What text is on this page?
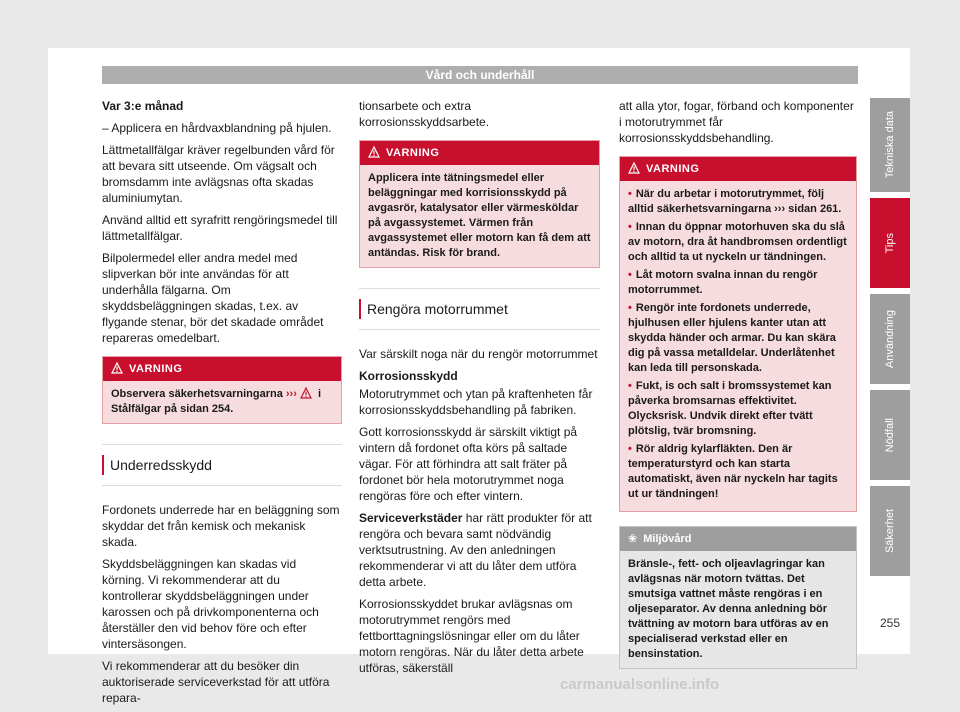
Vård och underhåll

Var 3:e månad

– Applicera en hårdvaxblandning på hjulen.

Lättmetallfälgar kräver regelbunden vård för att bevara sitt utseende. Om vägsalt och bromsdamm inte avlägsnas ofta skadas aluminiumytan.

Använd alltid ett syrafritt rengöringsmedel till lättmetallfälgar.

Bilpolermedel eller andra medel med slipverkan bör inte användas för att underhålla fälgarna. Om skyddsbeläggningen skadas, t.ex. av flygande stenar, bör det skadade området repareras omedelbart.

VARNING
Observera säkerhetsvarningarna ››› i Stålfälgar på sidan 254.
Underredsskydd

Fordonets underrede har en beläggning som skyddar det från kemisk och mekanisk skada.

Skyddsbeläggningen kan skadas vid körning. Vi rekommenderar att du kontrollerar skyddsbeläggningen under karossen och på drivkomponenterna och återställer den vid behov före och efter vintersäsongen.

Vi rekommenderar att du besöker din auktoriserade serviceverkstad för att utföra repara-

tionsarbete och extra korrosionsskyddsarbete.

VARNING
Applicera inte tätningsmedel eller beläggningar med korrisionsskydd på avgasrör, katalysator eller värmesköldar på avgassystemet. Värmen från avgassystemet eller motorn kan få dem att antändas. Risk för brand.
Rengöra motorrummet

Var särskilt noga när du rengör motorrummet

Korrosionsskydd

Motorutrymmet och ytan på kraftenheten får korrosionsskyddsbehandling på fabriken.

Gott korrosionsskydd är särskilt viktigt på vintern då fordonet ofta körs på saltade vägar. För att förhindra att salt fräter på fordonet bör hela motorutrymmet noga rengöras före och efter vintern.

Serviceverkstäder har rätt produkter för att rengöra och bevara samt nödvändig verktsutrustning. Av den anledningen rekommenderar vi att du låter dem utföra detta arbete.

Korrosionsskyddet brukar avlägsnas om motorutrymmet rengörs med fettborttagningslösningar eller om du låter motorn rengöras. När du låter detta arbete utföras, säkerställ

att alla ytor, fogar, förband och komponenter i motorutrymmet får korrosionsskyddsbehandling.

VARNING

• När du arbetar i motorutrymmet, följ alltid säkerhetsvarningarna ››› sidan 261.

• Innan du öppnar motorhuven ska du slå av motorn, dra åt handbromsen ordentligt och alltid ta ut nyckeln ur tändningen.

• Låt motorn svalna innan du rengör motorrummet.

• Rengör inte fordonets underrede, hjulhusen eller hjulens kanter utan att skydda händer och armar. Du kan skära dig på vassa metalldelar. Underlåtenhet kan leda till personskada.

• Fukt, is och salt i bromssystemet kan påverka bromsarnas effektivitet. Olycksrisk. Undvik direkt efter tvätt plötslig, tvär bromsning.

• Rör aldrig kylarfläkten. Den är temperaturstyrd och kan starta automatiskt, även när nyckeln har tagits ut ur tändningen!

❀ Miljövård
Bränsle-, fett- och oljeavlagringar kan avlägsnas när motorn tvättas. Det smutsiga vattnet måste rengöras i en oljeseparator. Av denna anledning bör tvättning av motorn bara utföras av en specialiserad verkstad eller en bensinstation.
Tekniska data
Tips
Användning
Nödfall
Säkerhet
255
carmanualsonline.info
